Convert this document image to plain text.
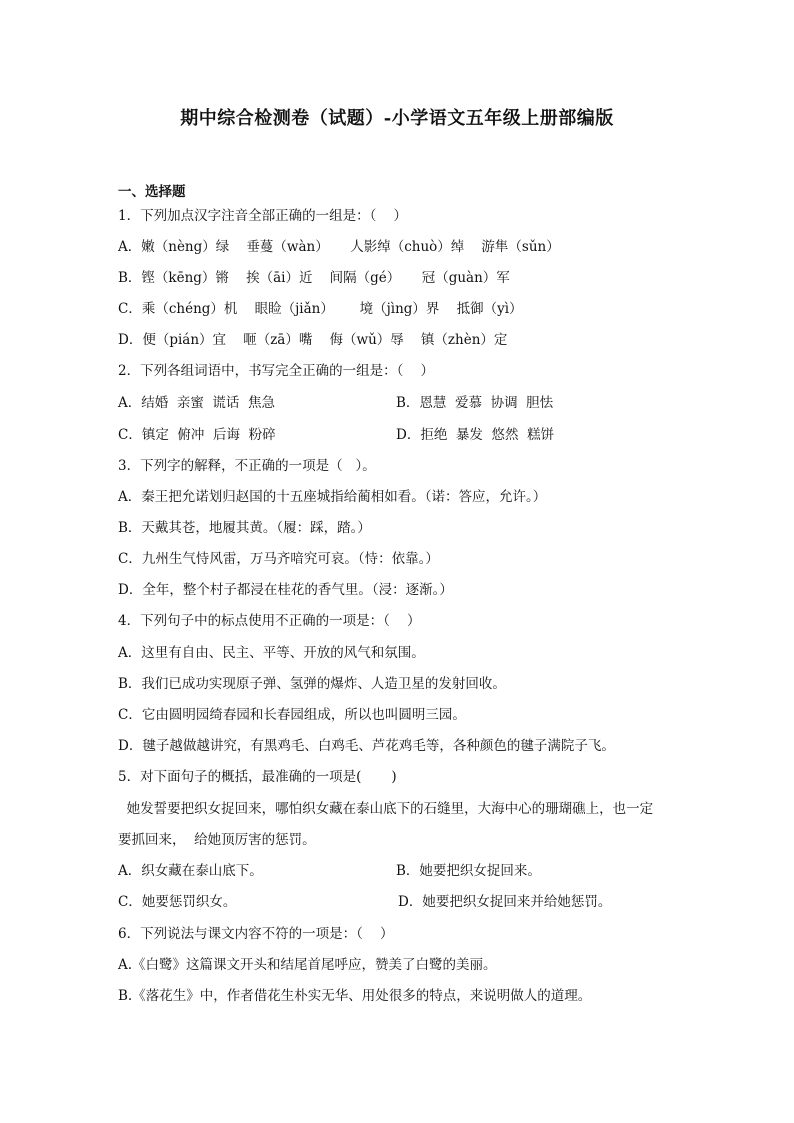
期中综合检测卷（试题）-小学语文五年级上册部编版
一、选择题
1．下列加点汉字注音全部正确的一组是：（    ）
A．嫩（nèng）绿    垂蔓（wàn）     人影绰（chuò）绰    游隼（sǔn）
B．铿（kēng）锵    挨（āi）近    间隔（gé）     冠（guàn）军
C．乘（chéng）机    眼睑（jiǎn）      境（jìng）界    抵御（yì）
D．便（pián）宜    咂（zā）嘴    侮（wǔ）辱    镇（zhèn）定
2．下列各组词语中，书写完全正确的一组是：（    ）
A．结婚  亲蜜  谎话  焦急	B．恩慧  爱慕  协调  胆怯
C．镇定  俯冲  后诲  粉碎	D．拒绝  暴发  悠然  糕饼
3．下列字的解释，不正确的一项是（   ）。
A．秦王把允诺划归赵国的十五座城指给蔺相如看。（诺：答应，允许。）
B．天戴其苍，地履其黄。（履：踩，踏。）
C．九州生气恃风雷，万马齐喑究可哀。（恃：依靠。）
D．全年，整个村子都浸在桂花的香气里。（浸：逐渐。）
4．下列句子中的标点使用不正确的一项是：（    ）
A．这里有自由、民主、平等、开放的风气和氛围。
B．我们已成功实现原子弹、氢弹的爆炸、人造卫星的发射回收。
C．它由圆明园绮春园和长春园组成，所以也叫圆明三园。
D．毽子越做越讲究，有黑鸡毛、白鸡毛、芦花鸡毛等，各种颜色的毽子满院子飞。
5．对下面句子的概括，最准确的一项是(       )
她发誓要把织女捉回来，哪怕织女藏在泰山底下的石缝里，大海中心的珊瑚礁上，也一定
要抓回来，  给她顶厉害的惩罚。
A．织女藏在泰山底下。	B．她要把织女捉回来。
C．她要惩罚织女。	D．她要把织女捉回来并给她惩罚。
6．下列说法与课文内容不符的一项是：（    ）
A.《白鹭》这篇课文开头和结尾首尾呼应，赞美了白鹭的美丽。
B.《落花生》中，作者借花生朴实无华、用处很多的特点，来说明做人的道理。
